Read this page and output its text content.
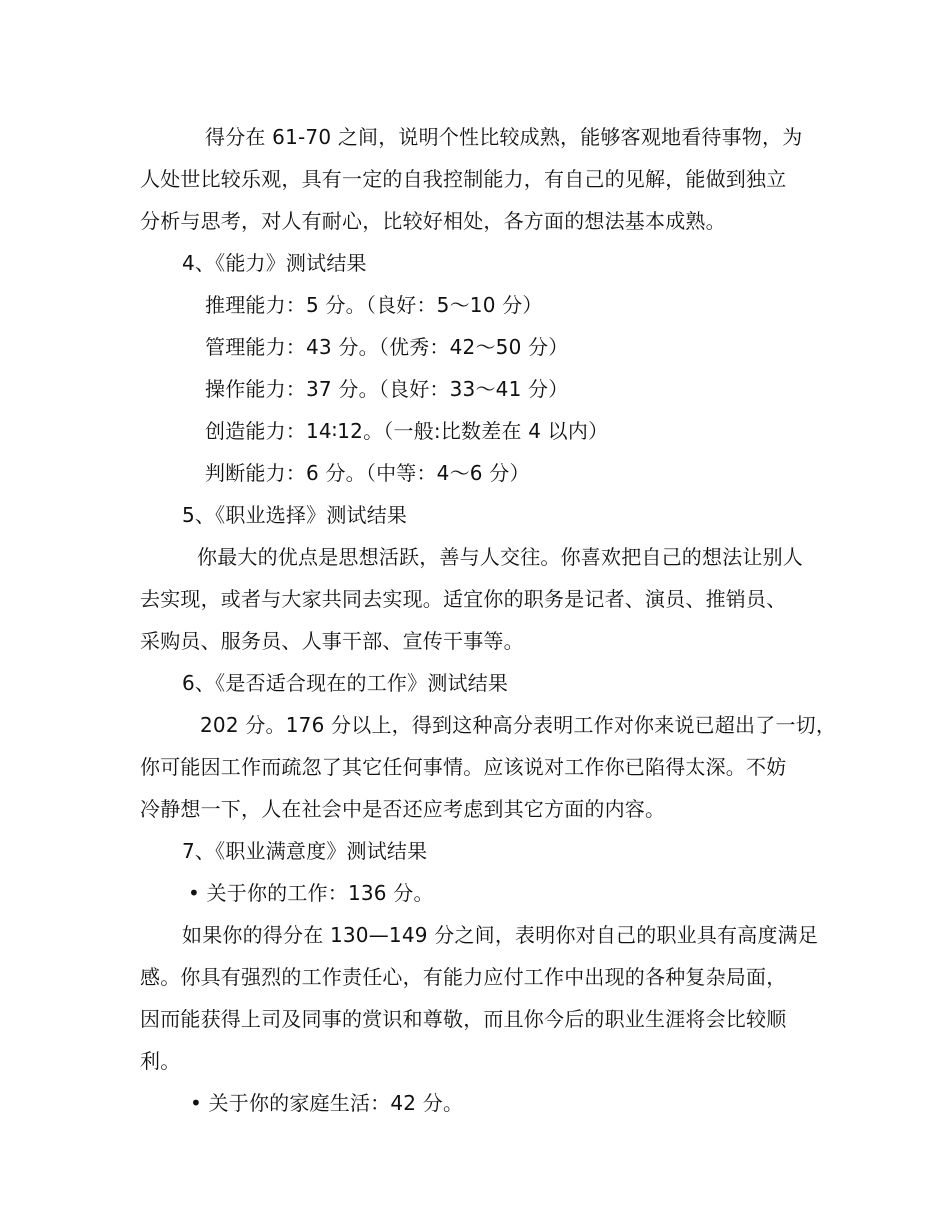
得分在 61-70 之间，说明个性比较成熟，能够客观地看待事物，为
人处世比较乐观，具有一定的自我控制能力，有自己的见解，能做到独立
分析与思考，对人有耐心，比较好相处，各方面的想法基本成熟。
4、《能力》测试结果
推理能力：5 分。（良好：5～10 分）
管理能力：43 分。（优秀：42～50 分）
操作能力：37 分。（良好：33～41 分）
创造能力：14∶12。（一般:比数差在 4 以内）
判断能力：6 分。（中等：4～6 分）
5、《职业选择》测试结果
你最大的优点是思想活跃，善与人交往。你喜欢把自己的想法让别人
去实现，或者与大家共同去实现。适宜你的职务是记者、演员、推销员、
采购员、服务员、人事干部、宣传干事等。
6、《是否适合现在的工作》测试结果
202 分。176 分以上，得到这种高分表明工作对你来说已超出了一切，
你可能因工作而疏忽了其它任何事情。应该说对工作你已陷得太深。不妨
冷静想一下，人在社会中是否还应考虑到其它方面的内容。
7、《职业满意度》测试结果
• 关于你的工作：136 分。
如果你的得分在 130—149 分之间，表明你对自己的职业具有高度满足
感。你具有强烈的工作责任心，有能力应付工作中出现的各种复杂局面，
因而能获得上司及同事的赏识和尊敬，而且你今后的职业生涯将会比较顺
利。
• 关于你的家庭生活：42 分。
